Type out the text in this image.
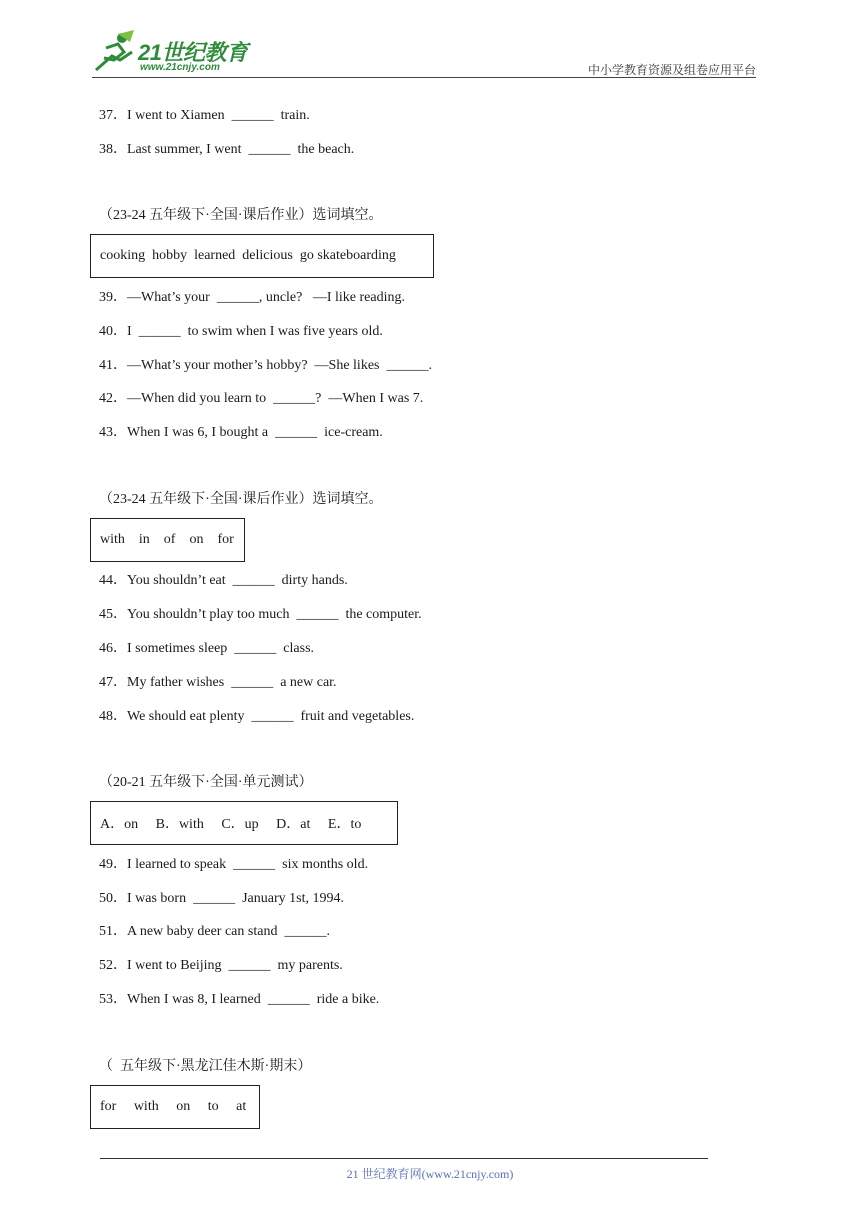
21世纪教育
www.21cnjy.com	中小学教育资源及组卷应用平台
37．I went to Xiamen  ______  train.
38．Last summer, I went  ______  the beach.
（23-24 五年级下·全国·课后作业）选词填空。
cooking  hobby  learned  delicious  go skateboarding
39．—What’s your  ______, uncle?   —I like reading.
40．I  ______  to swim when I was five years old.
41．—What’s your mother’s hobby?  —She likes  ______.
42．—When did you learn to  ______?  —When I was 7.
43．When I was 6, I bought a  ______  ice-cream.
（23-24 五年级下·全国·课后作业）选词填空。
with    in    of    on    for
44．You shouldn’t eat  ______  dirty hands.
45．You shouldn’t play too much  ______  the computer.
46．I sometimes sleep  ______  class.
47．My father wishes  ______  a new car.
48．We should eat plenty  ______  fruit and vegetables.
（20-21 五年级下·全国·单元测试）
A．on     B．with     C．up     D．at     E．to
49．I learned to speak  ______  six months old.
50．I was born  ______  January 1st, 1994.
51．A new baby deer can stand  ______.
52．I went to Beijing  ______  my parents.
53．When I was 8, I learned  ______  ride a bike.
（  五年级下·黑龙江佳木斯·期末）
for     with     on     to     at
21 世纪教育网(www.21cnjy.com)
